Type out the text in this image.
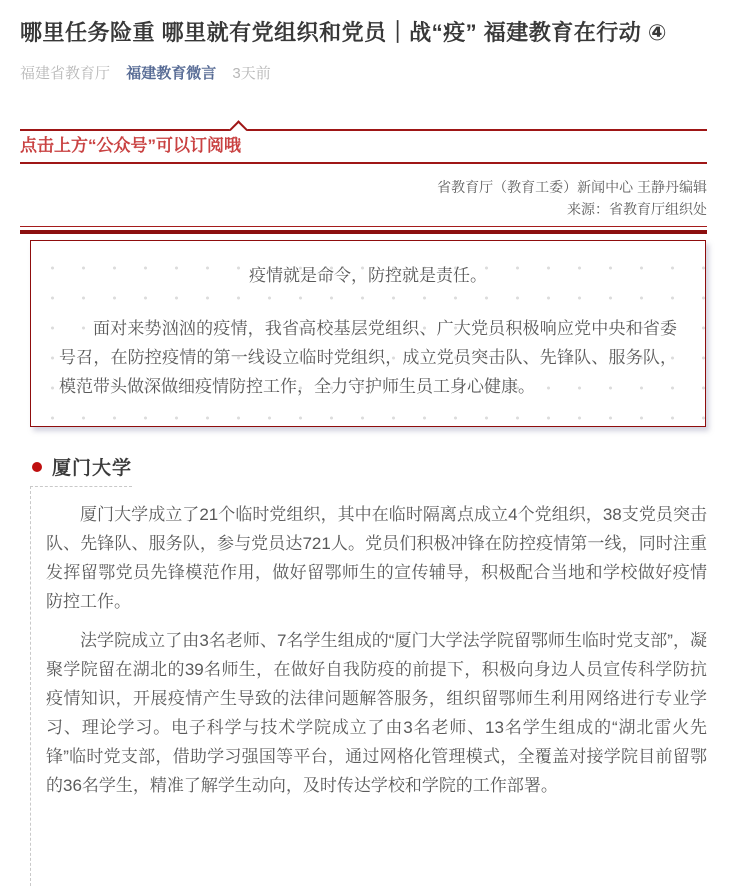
哪里任务险重 哪里就有党组织和党员｜战“疫” 福建教育在行动 ④
福建省教育厅 福建教育微言 3天前
点击上方“公众号”可以订阅哦
省教育厅（教育工委）新闻中心 王静丹编辑
来源：省教育厅组织处
疫情就是命令，防控就是责任。

面对来势汹汹的疫情，我省高校基层党组织、广大党员积极响应党中央和省委号召，在防控疫情的第一线设立临时党组织，成立党员突击队、先锋队、服务队，模范带头做深做细疫情防控工作，全力守护师生员工身心健康。

厦门大学

厦门大学成立了21个临时党组织，其中在临时隔离点成立4个党组织，38支党员突击队、先锋队、服务队，参与党员达721人。党员们积极冲锋在防控疫情第一线，同时注重发挥留鄂党员先锋模范作用，做好留鄂师生的宣传辅导，积极配合当地和学校做好疫情防控工作。

法学院成立了由3名老师、7名学生组成的“厦门大学法学院留鄂师生临时党支部”，凝聚学院留在湖北的39名师生，在做好自我防疫的前提下，积极向身边人员宣传科学防抗疫情知识，开展疫情产生导致的法律问题解答服务，组织留鄂师生利用网络进行专业学习、理论学习。电子科学与技术学院成立了由3名老师、13名学生组成的“湖北雷火先锋”临时党支部，借助学习强国等平台，通过网格化管理模式，全覆盖对接学院目前留鄂的36名学生，精准了解学生动向，及时传达学校和学院的工作部署。
